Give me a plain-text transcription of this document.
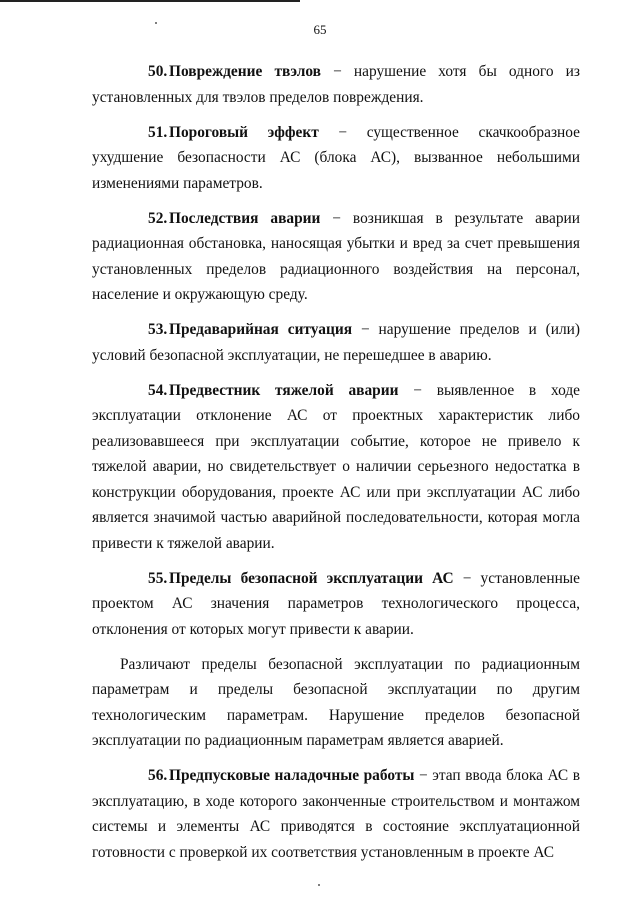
65

50. Повреждение твэлов − нарушение хотя бы одного из установленных для твэлов пределов повреждения.

51. Пороговый эффект − существенное скачкообразное ухудшение безопасности АС (блока АС), вызванное небольшими изменениями параметров.

52. Последствия аварии − возникшая в результате аварии радиационная обстановка, наносящая убытки и вред за счет превышения установленных пределов радиационного воздействия на персонал, население и окружающую среду.

53. Предаварийная ситуация − нарушение пределов и (или) условий безопасной эксплуатации, не перешедшее в аварию.

54. Предвестник тяжелой аварии − выявленное в ходе эксплуатации отклонение АС от проектных характеристик либо реализовавшееся при эксплуатации событие, которое не привело к тяжелой аварии, но свидетельствует о наличии серьезного недостатка в конструкции оборудования, проекте АС или при эксплуатации АС либо является значимой частью аварийной последовательности, которая могла привести к тяжелой аварии.

55. Пределы безопасной эксплуатации АС − установленные проектом АС значения параметров технологического процесса, отклонения от которых могут привести к аварии.

Различают пределы безопасной эксплуатации по радиационным параметрам и пределы безопасной эксплуатации по другим технологическим параметрам. Нарушение пределов безопасной эксплуатации по радиационным параметрам является аварией.

56. Предпусковые наладочные работы − этап ввода блока АС в эксплуатацию, в ходе которого законченные строительством и монтажом системы и элементы АС приводятся в состояние эксплуатационной готовности с проверкой их соответствия установленным в проекте АС
